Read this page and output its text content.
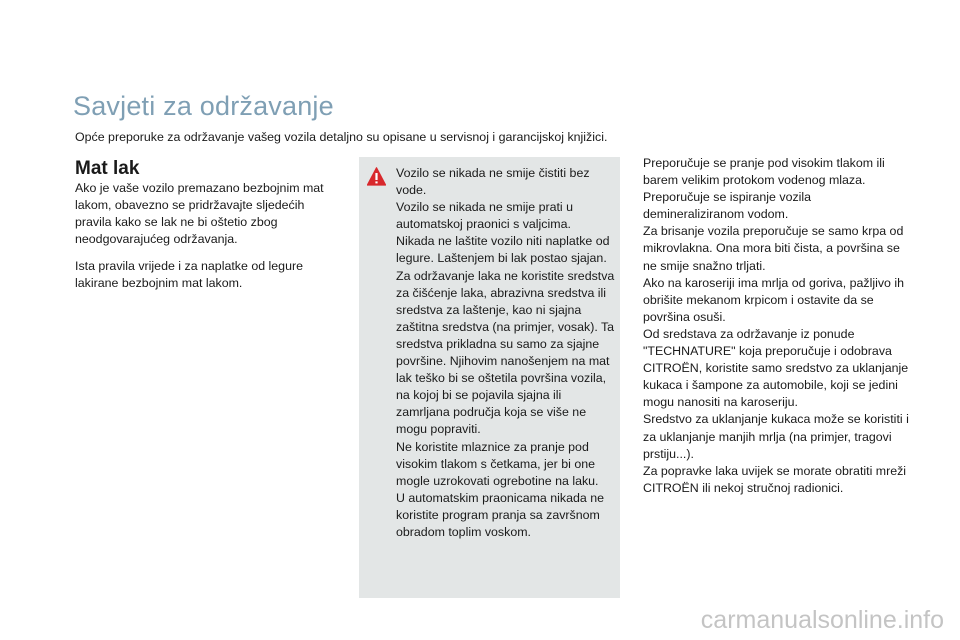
Savjeti za održavanje
Opće preporuke za održavanje vašeg vozila detaljno su opisane u servisnoj i garancijskoj knjižici.
Mat lak

Ako je vaše vozilo premazano bezbojnim mat lakom, obavezno se pridržavajte sljedećih pravila kako se lak ne bi oštetio zbog neodgovarajućeg održavanja.

Ista pravila vrijede i za naplatke od legure lakirane bezbojnim mat lakom.

Vozilo se nikada ne smije čistiti bez vode.

Vozilo se nikada ne smije prati u automatskoj praonici s valjcima.

Nikada ne laštite vozilo niti naplatke od legure. Laštenjem bi lak postao sjajan.

Za održavanje laka ne koristite sredstva za čišćenje laka, abrazivna sredstva ili sredstva za laštenje, kao ni sjajna zaštitna sredstva (na primjer, vosak). Ta sredstva prikladna su samo za sjajne površine. Njihovim nanošenjem na mat lak teško bi se oštetila površina vozila, na kojoj bi se pojavila sjajna ili zamrljana područja koja se više ne mogu popraviti.

Ne koristite mlaznice za pranje pod visokim tlakom s četkama, jer bi one mogle uzrokovati ogrebotine na laku.

U automatskim praonicama nikada ne koristite program pranja sa završnom obradom toplim voskom.

Preporučuje se pranje pod visokim tlakom ili barem velikim protokom vodenog mlaza.

Preporučuje se ispiranje vozila demineraliziranom vodom.

Za brisanje vozila preporučuje se samo krpa od mikrovlakna. Ona mora biti čista, a površina se ne smije snažno trljati.

Ako na karoseriji ima mrlja od goriva, pažljivo ih obrišite mekanom krpicom i ostavite da se površina osuši.

Od sredstava za održavanje iz ponude "TECHNATURE" koja preporučuje i odobrava CITROËN, koristite samo sredstvo za uklanjanje kukaca i šampone za automobile, koji se jedini mogu nanositi na karoseriju.

Sredstvo za uklanjanje kukaca može se koristiti i za uklanjanje manjih mrlja (na primjer, tragovi prstiju...).

Za popravke laka uvijek se morate obratiti mreži CITROËN ili nekoj stručnoj radionici.

carmanualsonline.info
